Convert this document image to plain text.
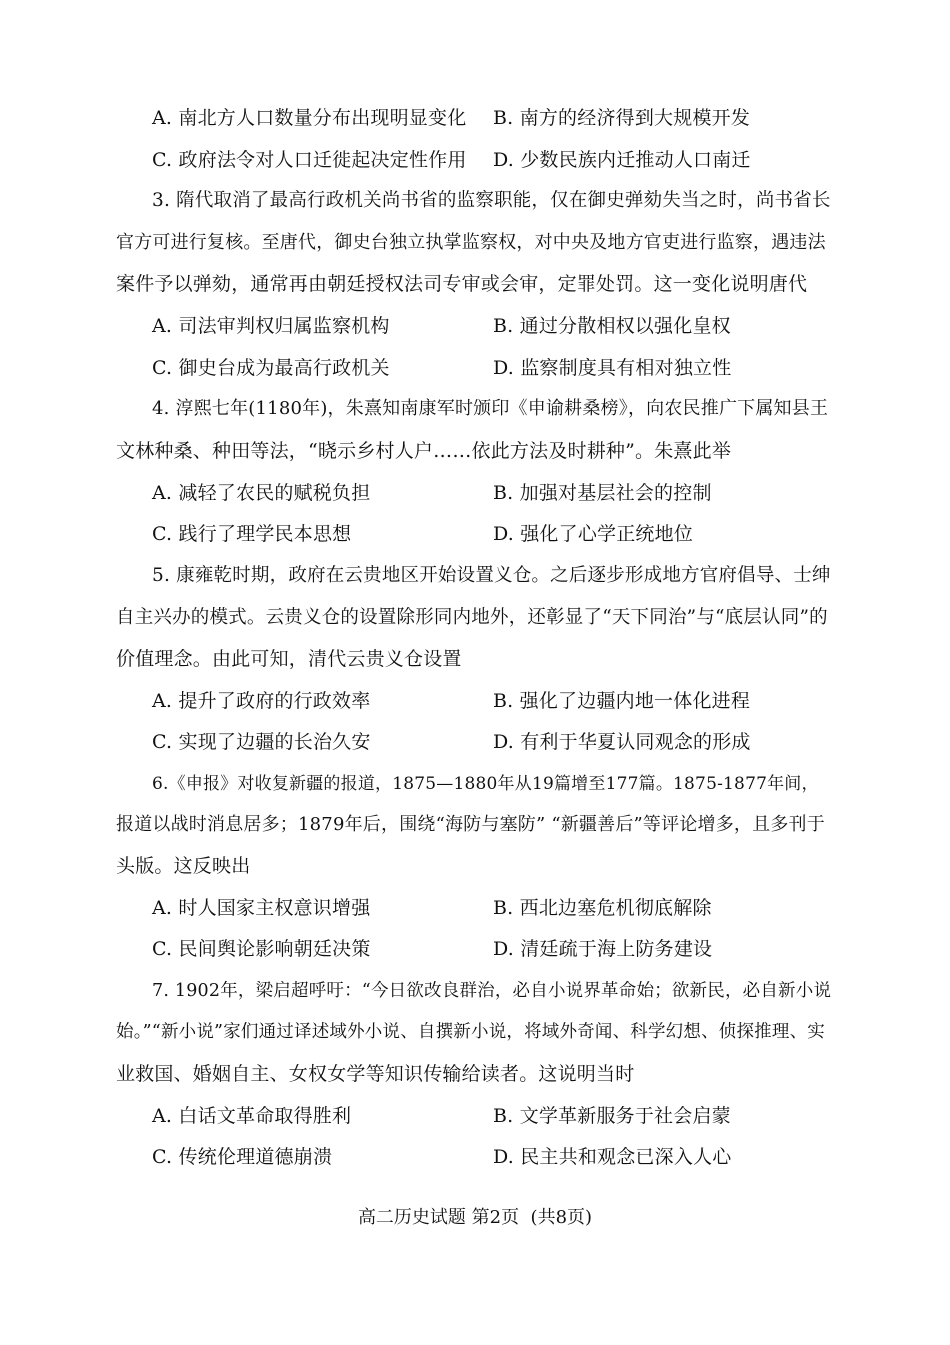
A. 南北方人口数量分布出现明显变化 B. 南方的经济得到大规模开发
C. 政府法令对人口迁徙起决定性作用 D. 少数民族内迁推动人口南迁
3. 隋代取消了最高行政机关尚书省的监察职能，仅在御史弹劾失当之时，尚书省长
官方可进行复核。至唐代，御史台独立执掌监察权，对中央及地方官吏进行监察，遇违法
案件予以弹劾，通常再由朝廷授权法司专审或会审，定罪处罚。这一变化说明唐代
A. 司法审判权归属监察机构	B. 通过分散相权以强化皇权
C. 御史台成为最高行政机关	D. 监察制度具有相对独立性
4. 淳熙七年(1180年)，朱熹知南康军时颁印《申谕耕桑榜》，向农民推广下属知县王
文林种桑、种田等法，“晓示乡村人户……依此方法及时耕种”。朱熹此举
A. 减轻了农民的赋税负担	B. 加强对基层社会的控制
C. 践行了理学民本思想	D. 强化了心学正统地位
5. 康雍乾时期，政府在云贵地区开始设置义仓。之后逐步形成地方官府倡导、士绅
自主兴办的模式。云贵义仓的设置除形同内地外，还彰显了“天下同治”与“底层认同”的
价值理念。由此可知，清代云贵义仓设置
A. 提升了政府的行政效率	B. 强化了边疆内地一体化进程
C. 实现了边疆的长治久安	D. 有利于华夏认同观念的形成
6.《申报》对收复新疆的报道，1875—1880年从19篇增至177篇。1875-1877年间，
报道以战时消息居多；1879年后，围绕“海防与塞防” “新疆善后”等评论增多，且多刊于
头版。这反映出
A. 时人国家主权意识增强	B. 西北边塞危机彻底解除
C. 民间舆论影响朝廷决策	D. 清廷疏于海上防务建设
7. 1902年，梁启超呼吁：“今日欲改良群治，必自小说界革命始；欲新民，必自新小说
始。”“新小说”家们通过译述域外小说、自撰新小说，将域外奇闻、科学幻想、侦探推理、实
业救国、婚姻自主、女权女学等知识传输给读者。这说明当时
A. 白话文革命取得胜利	B. 文学革新服务于社会启蒙
C. 传统伦理道德崩溃	D. 民主共和观念已深入人心
高二历史试题 第2页  (共8页)
